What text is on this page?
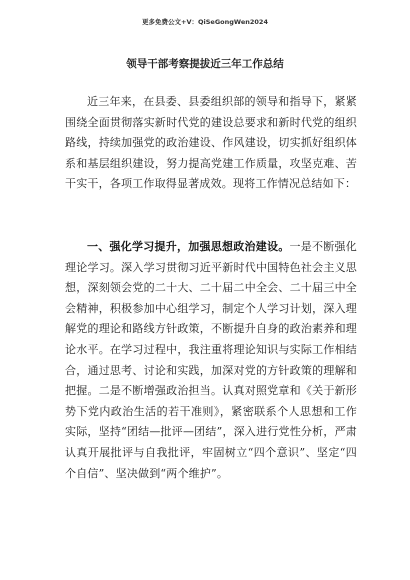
更多免费公文+V：QiSeGongWen2024
领导干部考察提拔近三年工作总结

近三年来，在县委、县委组织部的领导和指导下，紧紧围绕全面贯彻落实新时代党的建设总要求和新时代党的组织路线，持续加强党的政治建设、作风建设，切实抓好组织体系和基层组织建设，努力提高党建工作质量，攻坚克难、苦干实干，各项工作取得显著成效。现将工作情况总结如下：

一、强化学习提升，加强思想政治建设。一是不断强化理论学习。深入学习贯彻习近平新时代中国特色社会主义思想，深刻领会党的二十大、二十届二中全会、二十届三中全会精神，积极参加中心组学习，制定个人学习计划，深入理解党的理论和路线方针政策，不断提升自身的政治素养和理论水平。在学习过程中，我注重将理论知识与实际工作相结合，通过思考、讨论和实践，加深对党的方针政策的理解和把握。二是不断增强政治担当。认真对照党章和《关于新形势下党内政治生活的若干准则》，紧密联系个人思想和工作实际，坚持“团结—批评—团结”，深入进行党性分析，严肃认真开展批评与自我批评，牢固树立“四个意识”、坚定“四个自信”、坚决做到“两个维护”。
